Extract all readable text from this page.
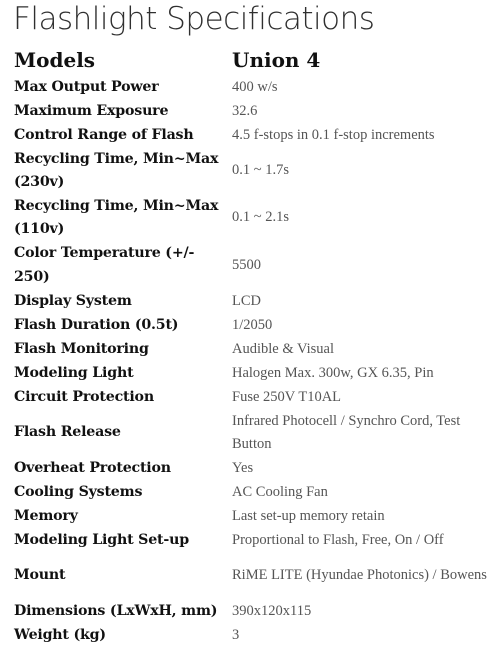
Flashlight Specifications
Models	Union 4
Max Output Power	400 w/s
Maximum Exposure	32.6
Control Range of Flash	4.5 f-stops in 0.1 f-stop increments
Recycling Time, Min~Max (230v)	0.1 ~ 1.7s
Recycling Time, Min~Max (110v)	0.1 ~ 2.1s
Color Temperature (+/- 250)	5500
Display System	LCD
Flash Duration (0.5t)	1/2050
Flash Monitoring	Audible & Visual
Modeling Light	Halogen Max. 300w, GX 6.35, Pin
Circuit Protection	Fuse 250V T10AL
Flash Release	Infrared Photocell / Synchro Cord, Test Button
Overheat Protection	Yes
Cooling Systems	AC Cooling Fan
Memory	Last set-up memory retain
Modeling Light Set-up	Proportional to Flash, Free, On / Off
Mount	RiME LITE (Hyundae Photonics) / Bowens
Dimensions (LxWxH, mm)	390x120x115
Weight (kg)	3
